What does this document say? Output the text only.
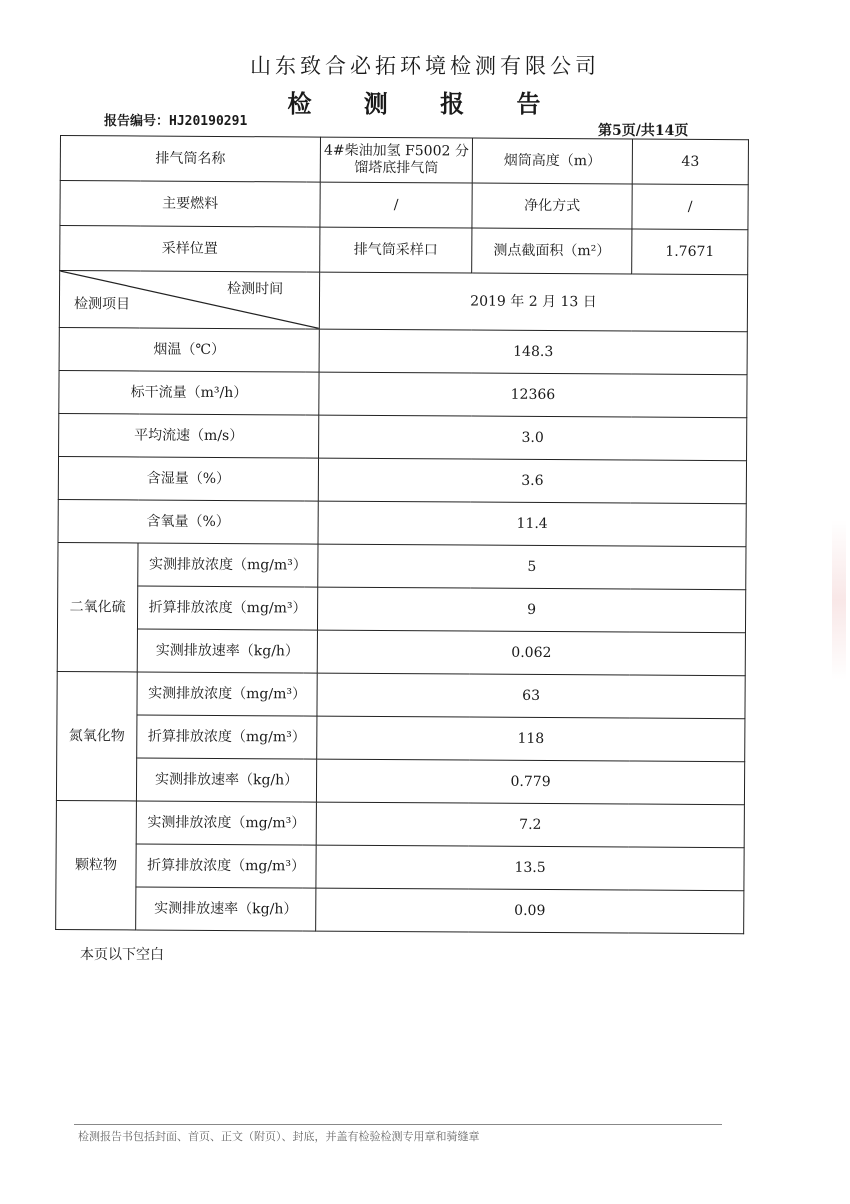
山东致合必拓环境检测有限公司
检 测 报 告
报告编号：HJ20190291
第5页/共14页
排气筒名称		4#柴油加氢 F5002 分馏塔底排气筒	烟筒高度（m）	43
主要燃料		/	净化方式	/
采样位置		排气筒采样口	测点截面积（m²）	1.7671

检测时间
检测项目		2019 年 2 月 13 日		
烟温（℃）		148.3		
标干流量（m³/h）		12366		
平均流速（m/s）		3.0		
含湿量（%）		3.6		
含氧量（%）		11.4		
二氧化硫	实测排放浓度（mg/m³）	5		
	折算排放浓度（mg/m³）	9		
	实测排放速率（kg/h）	0.062		
氮氧化物	实测排放浓度（mg/m³）	63		
	折算排放浓度（mg/m³）	118		
	实测排放速率（kg/h）	0.779		
颗粒物	实测排放浓度（mg/m³）	7.2		
	折算排放浓度（mg/m³）	13.5		
	实测排放速率（kg/h）	0.09		
本页以下空白
检测报告书包括封面、首页、正文（附页）、封底，并盖有检验检测专用章和骑缝章
